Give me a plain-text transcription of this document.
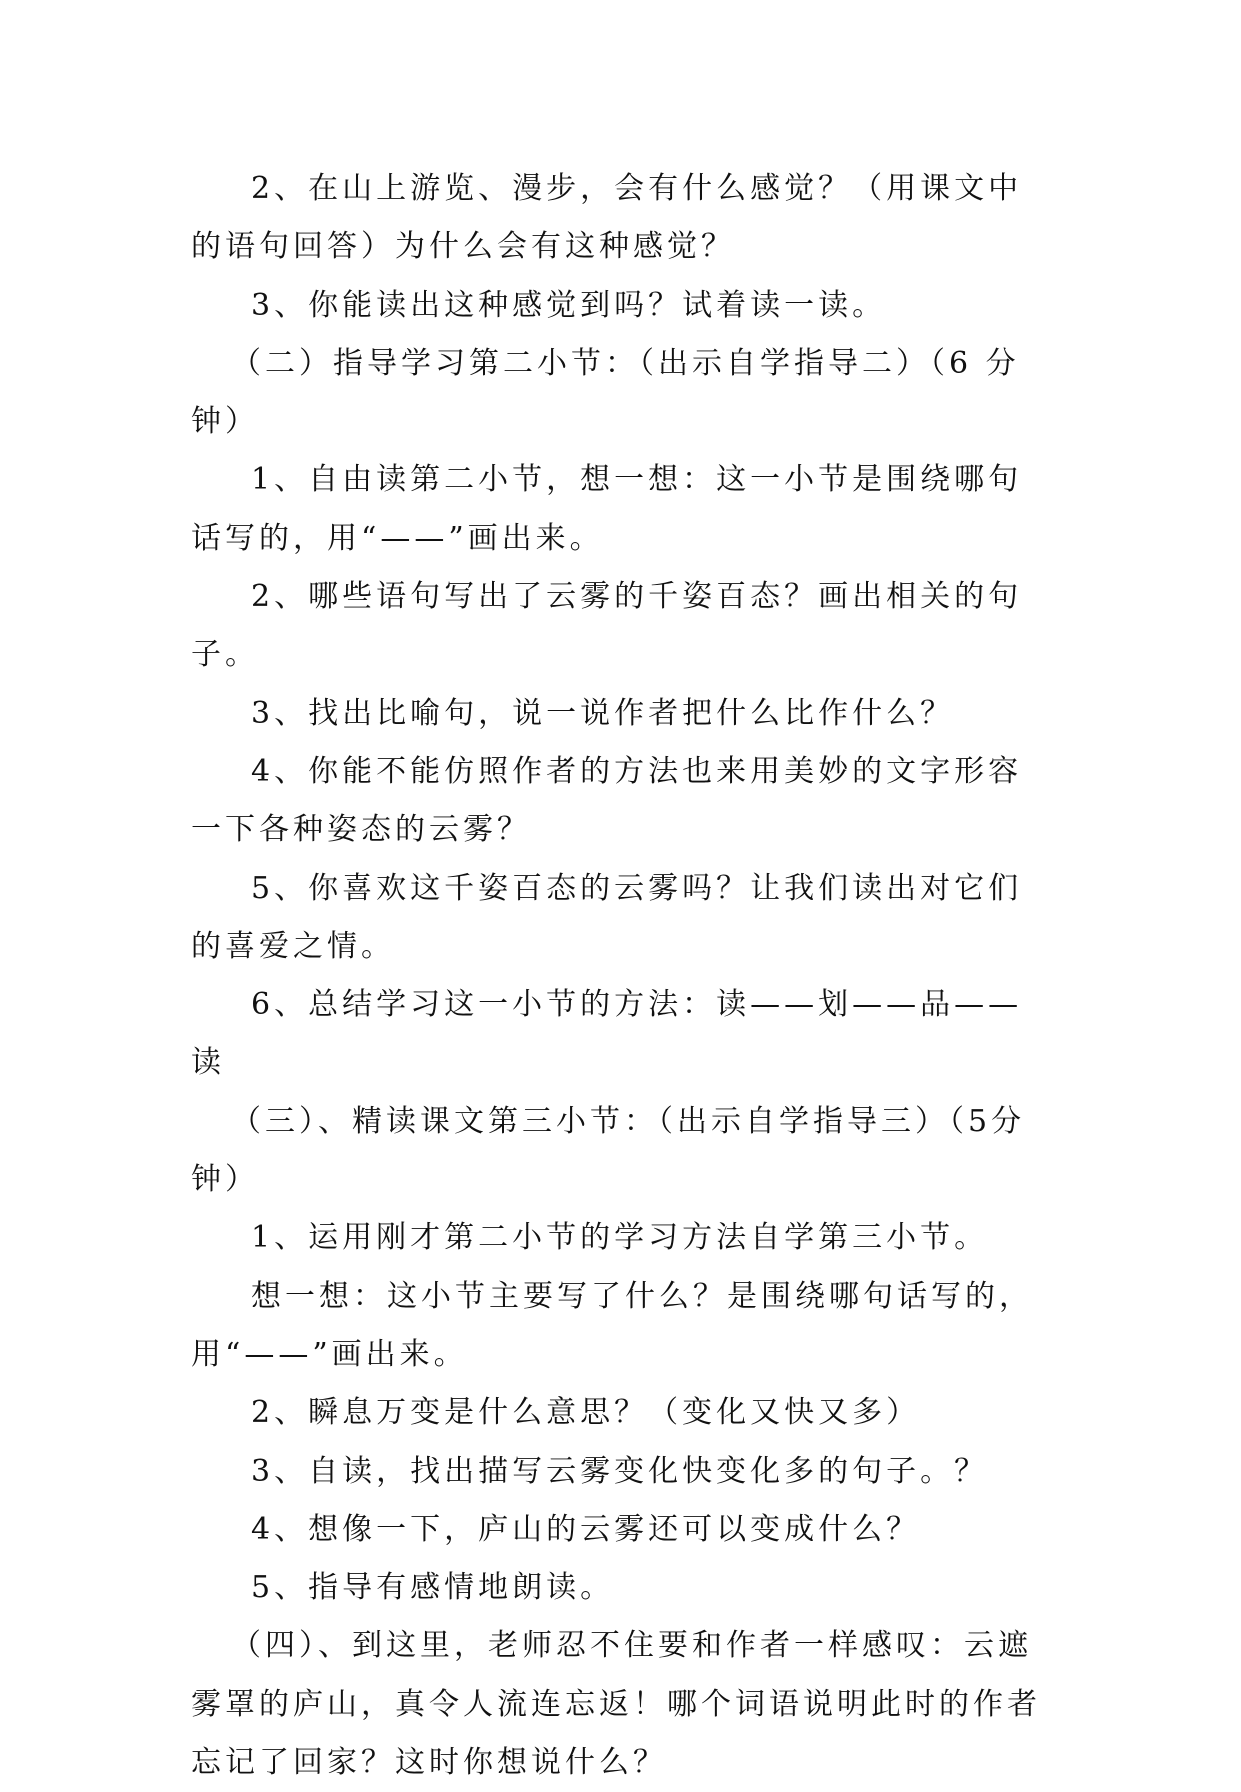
2、在山上游览、漫步，会有什么感觉？（用课文中的语句回答）为什么会有这种感觉？

3、你能读出这种感觉到吗？试着读一读。

（二）指导学习第二小节：（出示自学指导二）（6 分钟）

1、自由读第二小节，想一想：这一小节是围绕哪句话写的，用“——”画出来。

2、哪些语句写出了云雾的千姿百态？画出相关的句子。

3、找出比喻句，说一说作者把什么比作什么？

4、你能不能仿照作者的方法也来用美妙的文字形容一下各种姿态的云雾？

5、你喜欢这千姿百态的云雾吗？让我们读出对它们的喜爱之情。

6、总结学习这一小节的方法：读——划——品——读

（三）、精读课文第三小节：（出示自学指导三）（5分钟）

1、运用刚才第二小节的学习方法自学第三小节。

想一想：这小节主要写了什么？是围绕哪句话写的，用“——”画出来。

2、瞬息万变是什么意思？（变化又快又多）

3、自读，找出描写云雾变化快变化多的句子。？

4、想像一下，庐山的云雾还可以变成什么？

5、指导有感情地朗读。

（四）、到这里，老师忍不住要和作者一样感叹：云遮雾罩的庐山，真令人流连忘返！哪个词语说明此时的作者忘记了回家？这时你想说什么？
